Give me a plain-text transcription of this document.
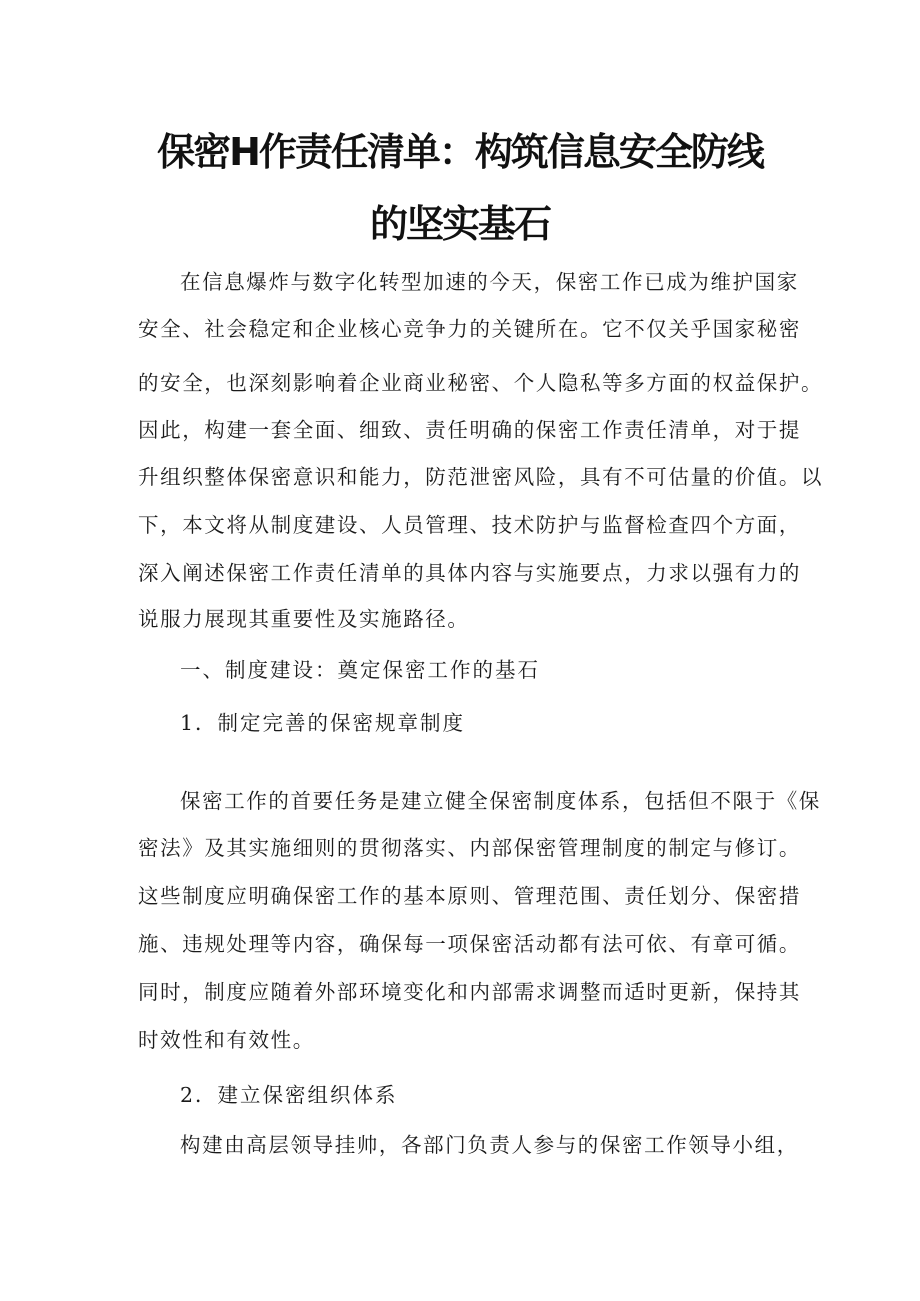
保密H作责任清单：构筑信息安全防线
的坚实基石
在信息爆炸与数字化转型加速的今天，保密工作已成为维护国家
安全、社会稳定和企业核心竞争力的关键所在。它不仅关乎国家秘密
的安全，也深刻影响着企业商业秘密、个人隐私等多方面的权益保护。
因此，构建一套全面、细致、责任明确的保密工作责任清单，对于提
升组织整体保密意识和能力，防范泄密风险，具有不可估量的价值。以
下，本文将从制度建设、人员管理、技术防护与监督检查四个方面，
深入阐述保密工作责任清单的具体内容与实施要点，力求以强有力的
说服力展现其重要性及实施路径。
一、制度建设：奠定保密工作的基石
1．制定完善的保密规章制度
保密工作的首要任务是建立健全保密制度体系，包括但不限于《保
密法》及其实施细则的贯彻落实、内部保密管理制度的制定与修订。
这些制度应明确保密工作的基本原则、管理范围、责任划分、保密措
施、违规处理等内容，确保每一项保密活动都有法可依、有章可循。
同时，制度应随着外部环境变化和内部需求调整而适时更新，保持其
时效性和有效性。
2．建立保密组织体系
构建由高层领导挂帅，各部门负责人参与的保密工作领导小组，
